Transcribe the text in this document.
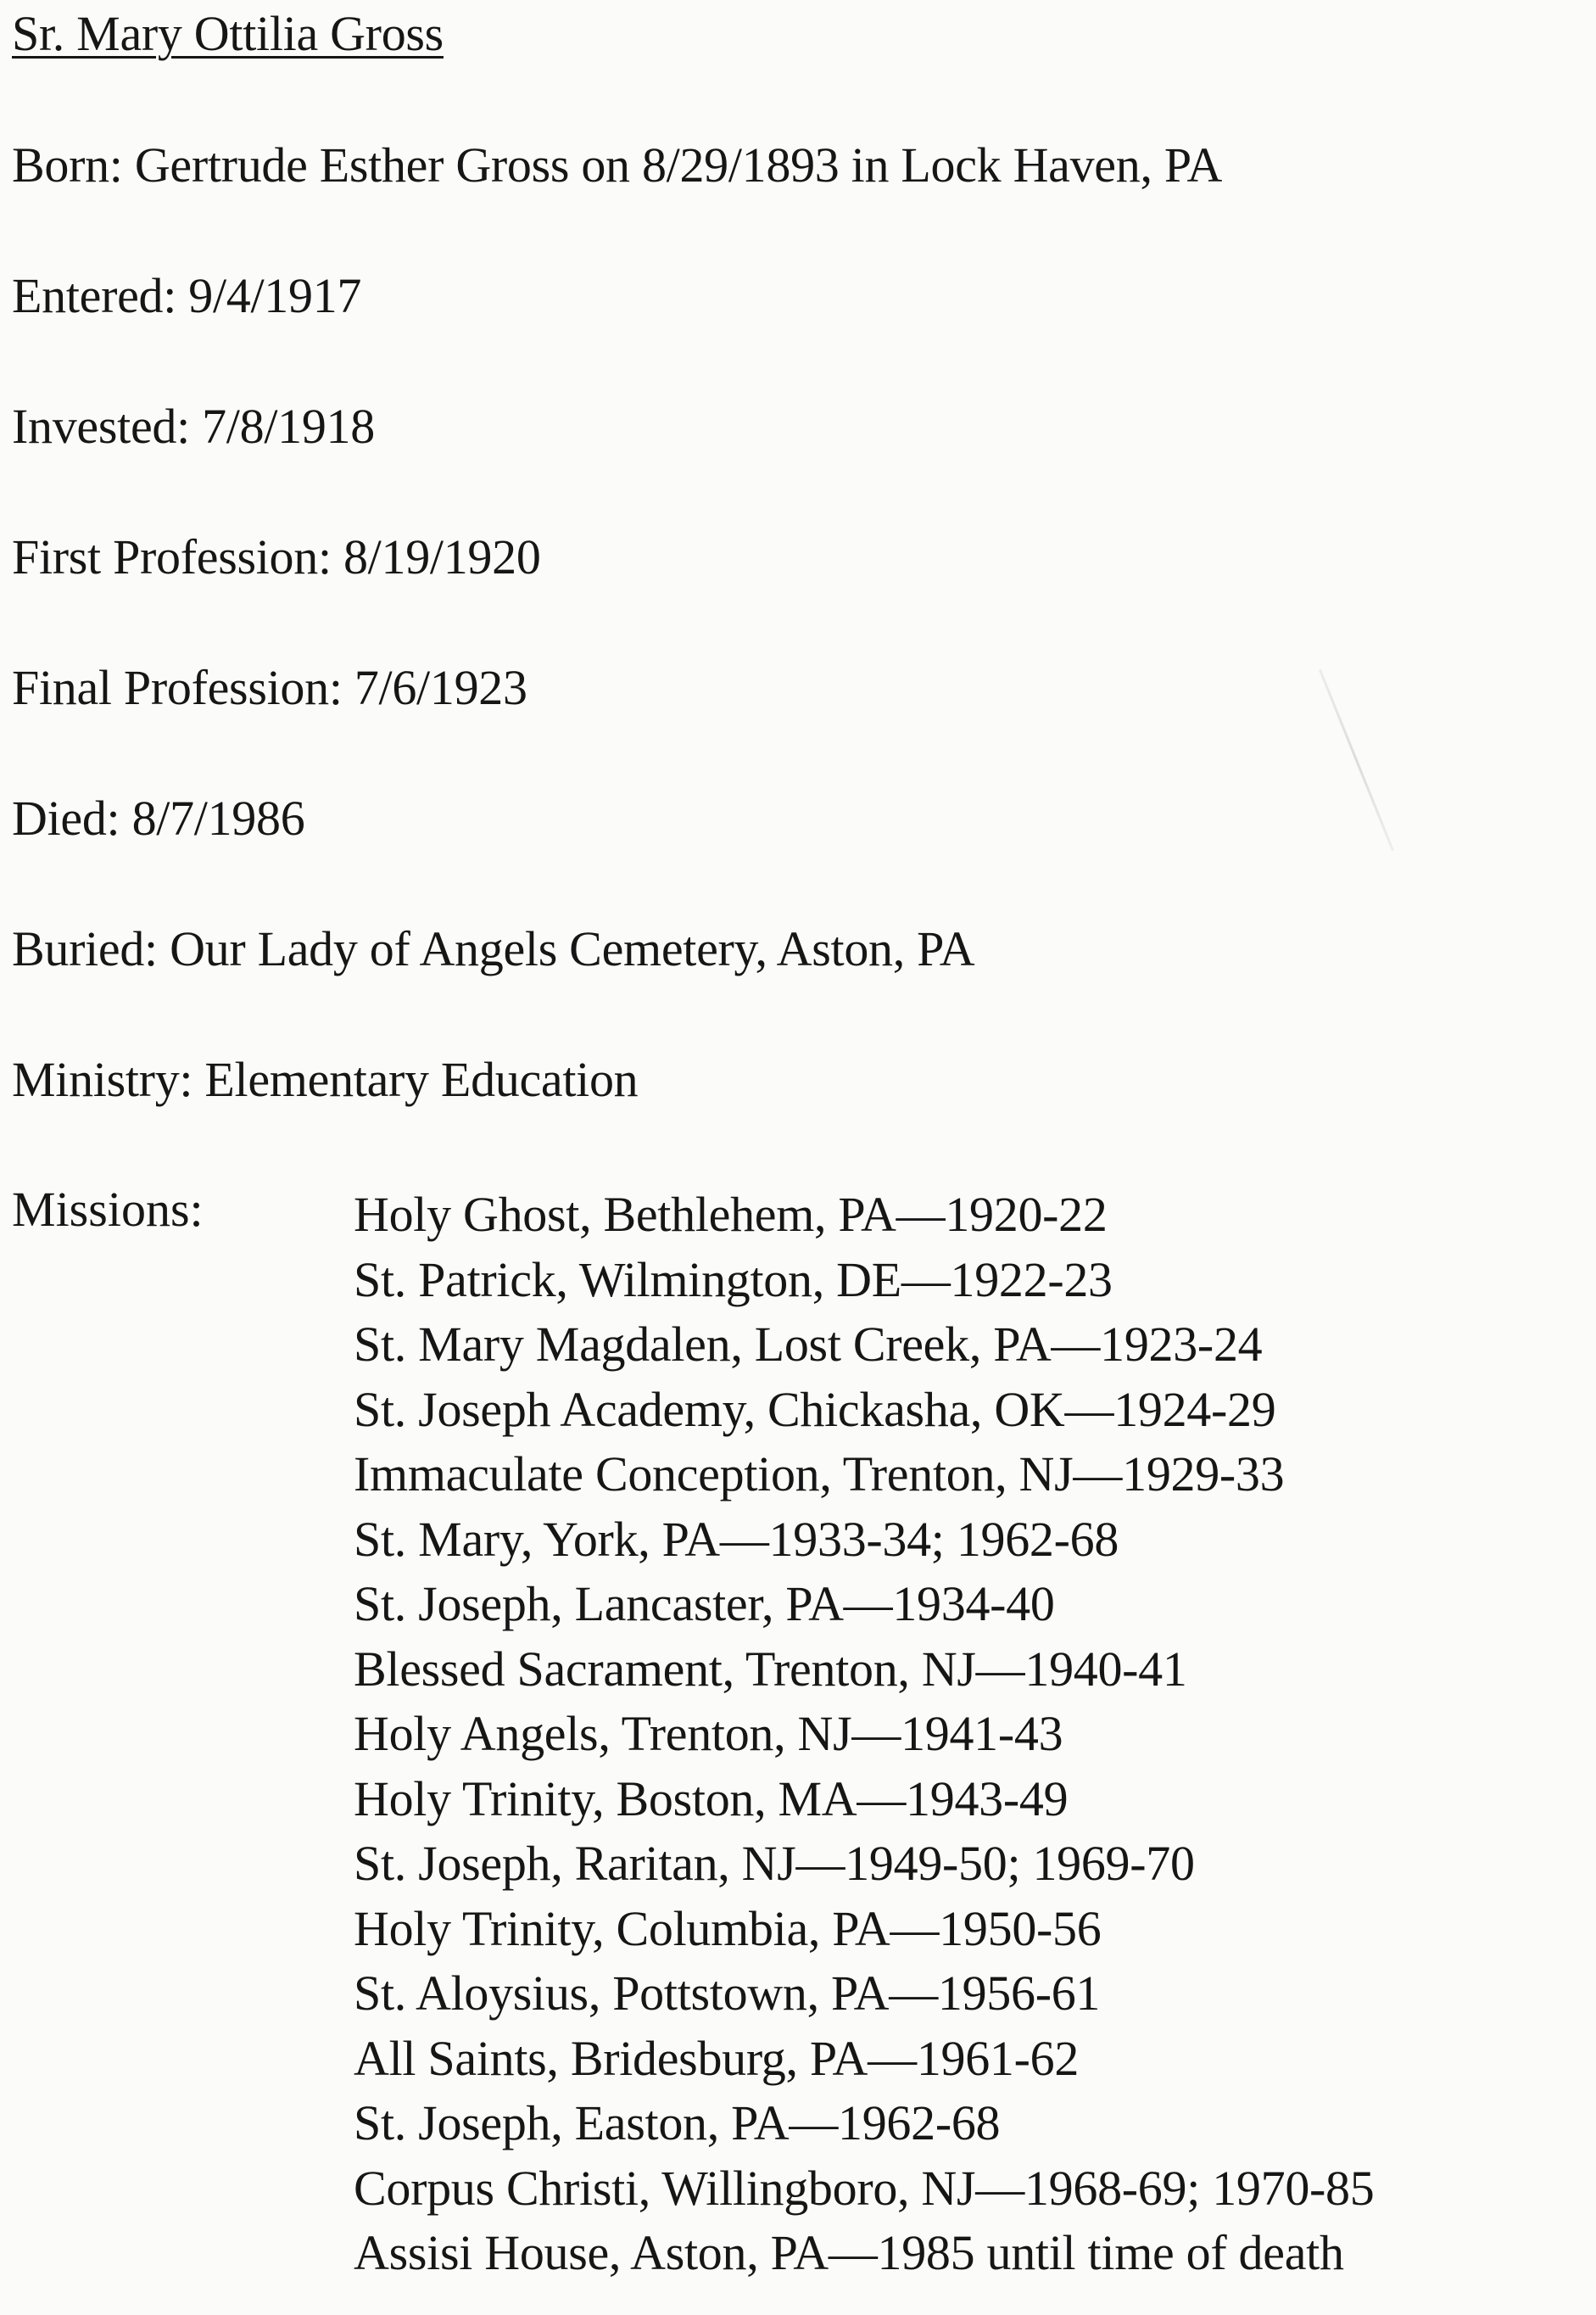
Sr. Mary Ottilia Gross
Born: Gertrude Esther Gross on 8/29/1893 in Lock Haven, PA
Entered: 9/4/1917
Invested: 7/8/1918
First Profession: 8/19/1920
Final Profession: 7/6/1923
Died: 8/7/1986
Buried: Our Lady of Angels Cemetery, Aston, PA
Ministry: Elementary Education
Missions:	Holy Ghost, Bethlehem, PA—1920-22
St. Patrick, Wilmington, DE—1922-23
St. Mary Magdalen, Lost Creek, PA—1923-24
St. Joseph Academy, Chickasha, OK—1924-29
Immaculate Conception, Trenton, NJ—1929-33
St. Mary, York, PA—1933-34; 1962-68
St. Joseph, Lancaster, PA—1934-40
Blessed Sacrament, Trenton, NJ—1940-41
Holy Angels, Trenton, NJ—1941-43
Holy Trinity, Boston, MA—1943-49
St. Joseph, Raritan, NJ—1949-50; 1969-70
Holy Trinity, Columbia, PA—1950-56
St. Aloysius, Pottstown, PA—1956-61
All Saints, Bridesburg, PA—1961-62
St. Joseph, Easton, PA—1962-68
Corpus Christi, Willingboro, NJ—1968-69; 1970-85
Assisi House, Aston, PA—1985 until time of death
